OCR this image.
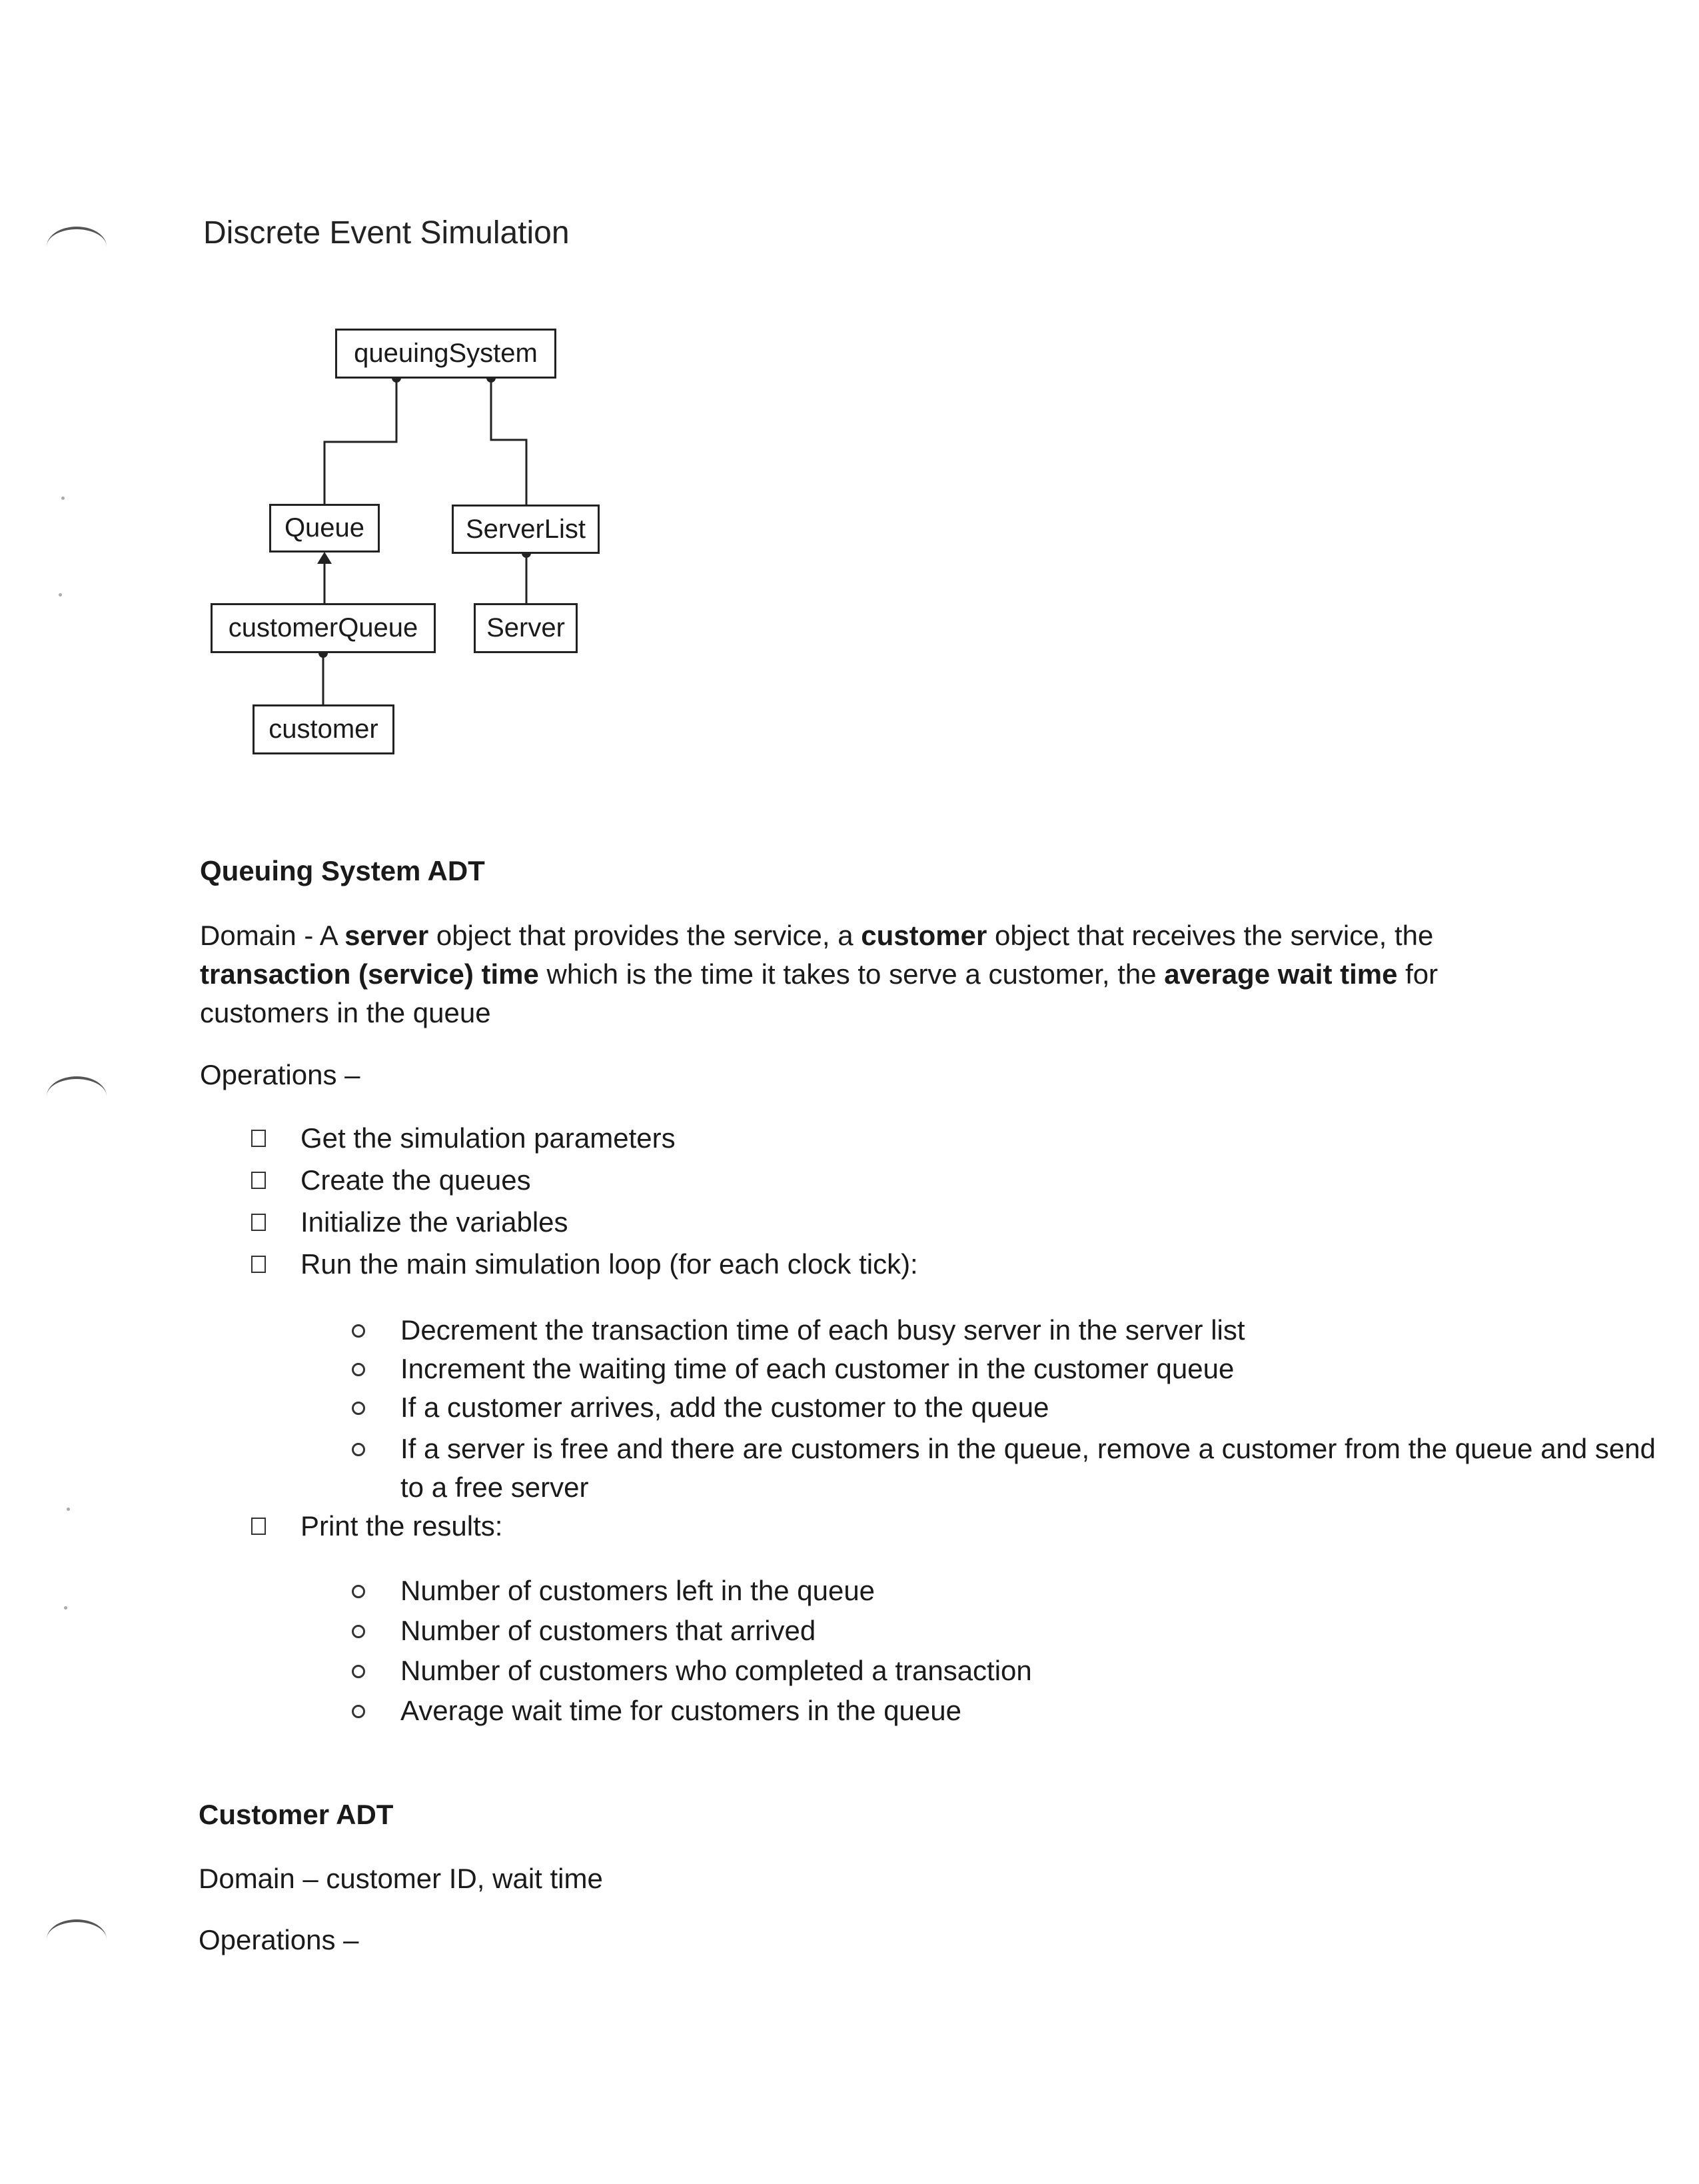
Discrete Event Simulation
queuingSystem
Queue	ServerList
customerQueue	Server
customer
Queuing System ADT
Domain - A server object that provides the service, a customer object that receives the service, the transaction (service) time which is the time it takes to serve a customer, the average wait time for customers in the queue
Operations –
Get the simulation parameters
Create the queues
Initialize the variables
Run the main simulation loop (for each clock tick):
Decrement the transaction time of each busy server in the server list
Increment the waiting time of each customer in the customer queue
If a customer arrives, add the customer to the queue
If a server is free and there are customers in the queue, remove a customer from the queue and send to a free server
Print the results:
Number of customers left in the queue
Number of customers that arrived
Number of customers who completed a transaction
Average wait time for customers in the queue
Customer ADT
Domain – customer ID, wait time
Operations –
